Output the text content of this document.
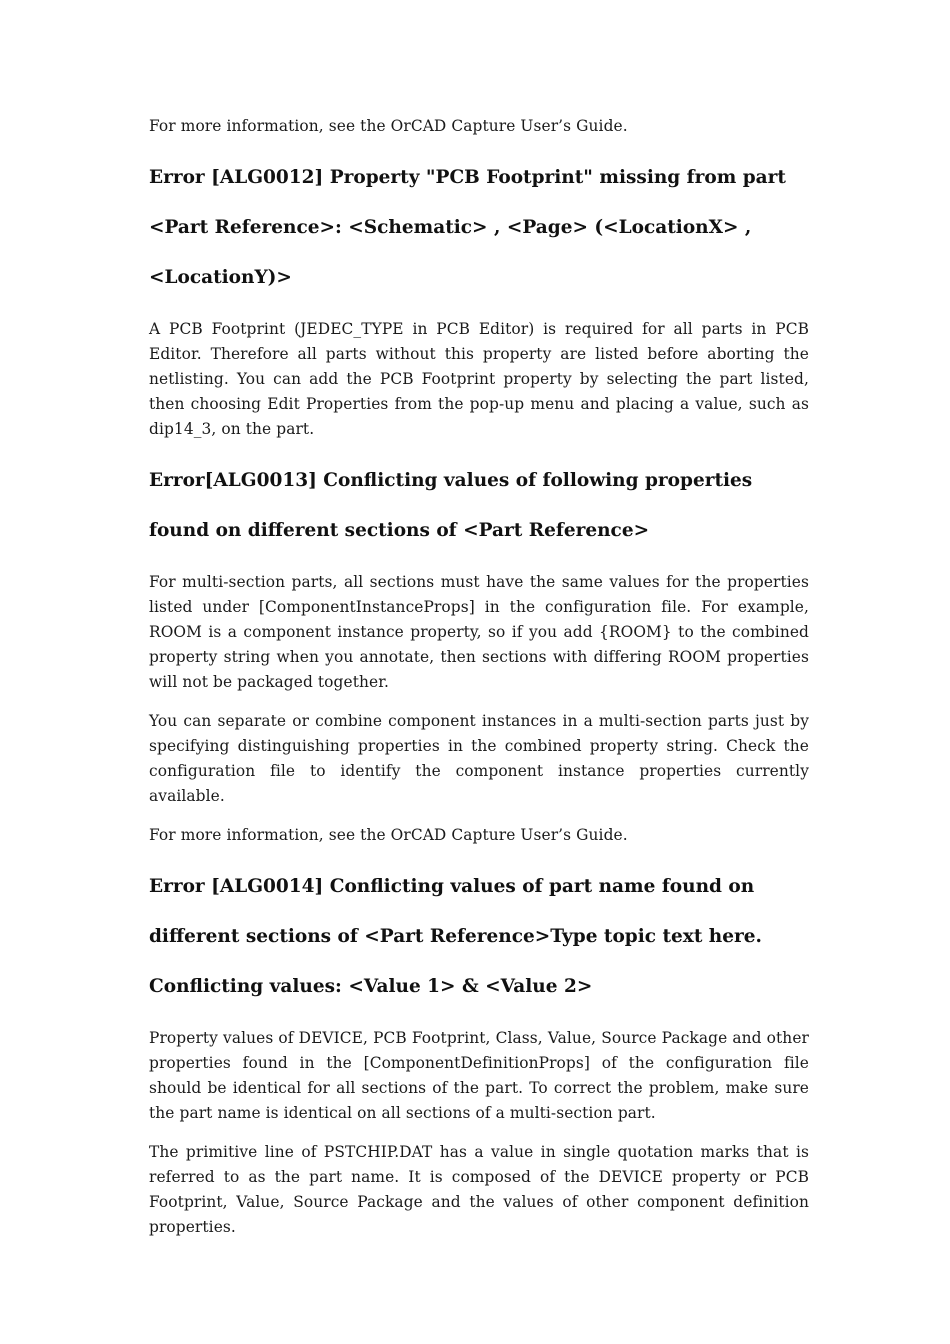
For more information, see the OrCAD Capture User’s Guide.

Error [ALG0012] Property "PCB Footprint" missing from part <Part Reference>: <Schematic> , <Page> (<LocationX> , <LocationY)>

A PCB Footprint (JEDEC_TYPE in PCB Editor) is required for all parts in PCB Editor. Therefore all parts without this property are listed before aborting the netlisting. You can add the PCB Footprint property by selecting the part listed, then choosing Edit Properties from the pop-up menu and placing a value, such as dip14_3, on the part.

Error[ALG0013] Conflicting values of following properties found on different sections of <Part Reference>

For multi-section parts, all sections must have the same values for the properties listed under [ComponentInstanceProps] in the configuration file. For example, ROOM is a component instance property, so if you add {ROOM} to the combined property string when you annotate, then sections with differing ROOM properties will not be packaged together.

You can separate or combine component instances in a multi-section parts just by specifying distinguishing properties in the combined property string. Check the configuration file to identify the component instance properties currently available.

For more information, see the OrCAD Capture User’s Guide.

Error [ALG0014] Conflicting values of part name found on different sections of <Part Reference>Type topic text here. Conflicting values: <Value 1> & <Value 2>

Property values of DEVICE, PCB Footprint, Class, Value, Source Package and other properties found in the [ComponentDefinitionProps] of the configuration file should be identical for all sections of the part. To correct the problem, make sure the part name is identical on all sections of a multi-section part.

The primitive line of PSTCHIP.DAT has a value in single quotation marks that is referred to as the part name. It is composed of the DEVICE property or PCB Footprint, Value, Source Package and the values of other component definition properties.
